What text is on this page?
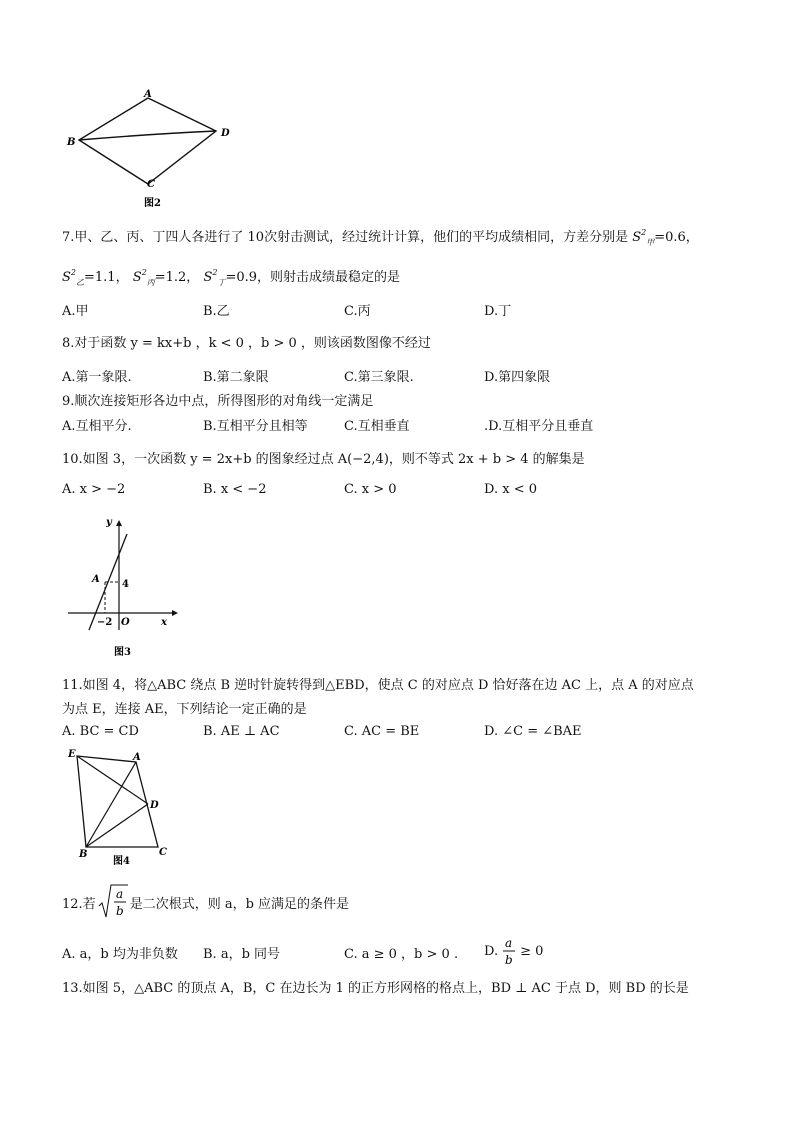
A
B
C
D
图2
7.甲、乙、丙、丁四人各进行了 10次射击测试，经过统计计算，他们的平均成绩相同，方差分别是 $S^2_甲=0.6$，
$S^2_乙=1.1$， $S^2_丙=1.2$， $S^2_丁=0.9$，则射击成绩最稳定的是
A.甲	B.乙	C.丙	D.丁
8.对于函数 y = kx+b ，k < 0 ，b > 0 ，则该函数图像不经过
A.第一象限.	B.第二象限	C.第三象限.	D.第四象限
9.顺次连接矩形各边中点，所得图形的对角线一定满足
A.互相平分.	B.互相平分且相等	C.互相垂直	.D.互相平分且垂直
10.如图 3，一次函数 y = 2x+b 的图象经过点 A(−2,4)，则不等式 2x + b > 4 的解集是
A. x > −2	B. x < −2	C. x > 0	D. x < 0
y
x
A 4
−2 O
图3
11.如图 4，将△ABC 绕点 B 逆时针旋转得到△EBD，使点 C 的对应点 D 恰好落在边 AC 上，点 A 的对应点
为点 E，连接 AE，下列结论一定正确的是
A. BC = CD	B. AE ⊥ AC	C. AC = BE	D. ∠C = ∠BAE
E	A
D
B	C
图4
12.若
a
b 是二次根式，则 a，b 应满足的条件是
A. a，b 均为非负数 B. a，b 同号	C. a ≥ 0 ，b > 0 . D.
a
b
≥ 0
13.如图 5，△ABC 的顶点 A，B，C 在边长为 1 的正方形网格的格点上，BD ⊥ AC 于点 D，则 BD 的长是
